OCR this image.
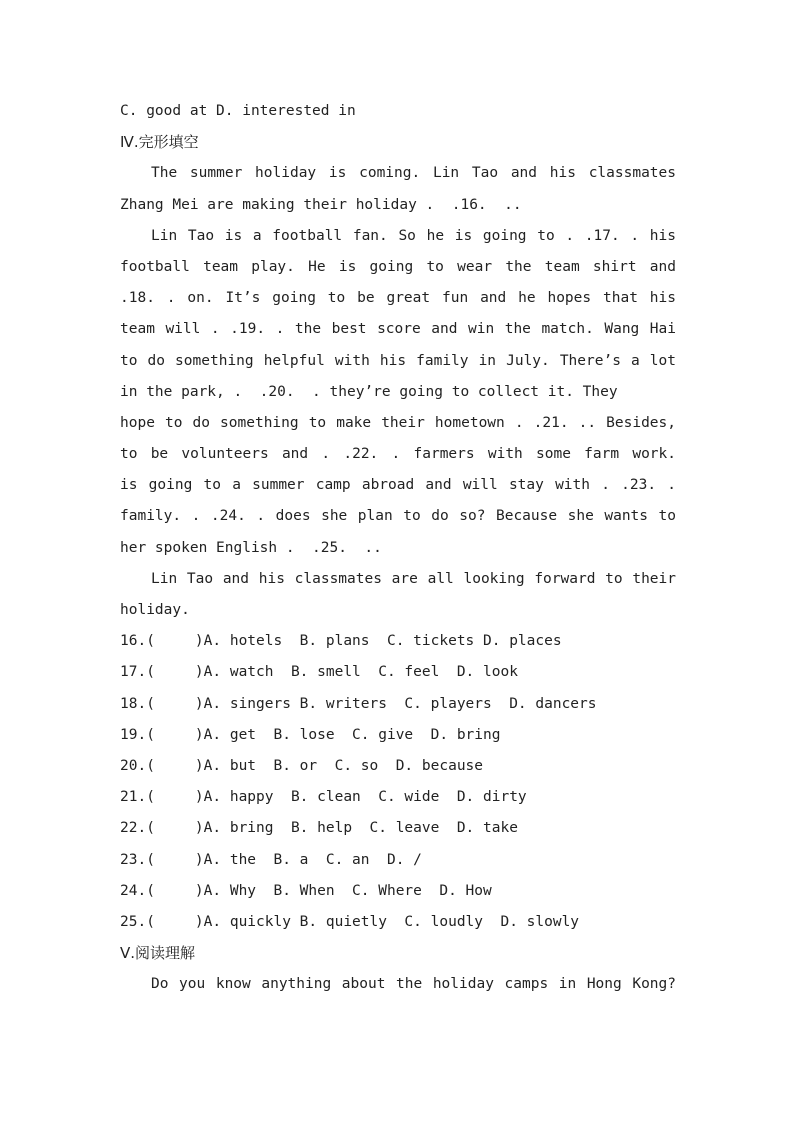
C. good at D. interested in
Ⅳ.完形填空
The summer holiday is coming. Lin Tao and his classmates
Zhang Mei are making their holiday .  .16.  ..
Lin Tao is a football fan. So he is going to . .17. . his
football team play. He is going to wear the team shirt and
.18. . on. It’s going to be great fun and he hopes that his
team will . .19. . the best score and win the match. Wang Hai
to do something helpful with his family in July. There’s a lot
in the park, .  .20.  . they’re going to collect it. They
hope to do something to make their hometown . .21. .. Besides,
to be volunteers and . .22. . farmers with some farm work.
is going to a summer camp abroad and will stay with . .23. .
family. . .24. . does she plan to do so? Because she wants to
her spoken English .  .25.  ..
Lin Tao and his classmates are all looking forward to their
holiday.
16.(	)A. hotels  B. plans  C. tickets D. places
17.(	)A. watch  B. smell  C. feel  D. look
18.(	)A. singers B. writers  C. players  D. dancers
19.(	)A. get  B. lose  C. give  D. bring
20.(	)A. but  B. or  C. so  D. because
21.(	)A. happy  B. clean  C. wide  D. dirty
22.(	)A. bring  B. help  C. leave  D. take
23.(	)A. the  B. a  C. an  D. /
24.(	)A. Why  B. When  C. Where  D. How
25.(	)A. quickly B. quietly  C. loudly  D. slowly
Ⅴ.阅读理解
Do you know anything about the holiday camps in Hong Kong?
